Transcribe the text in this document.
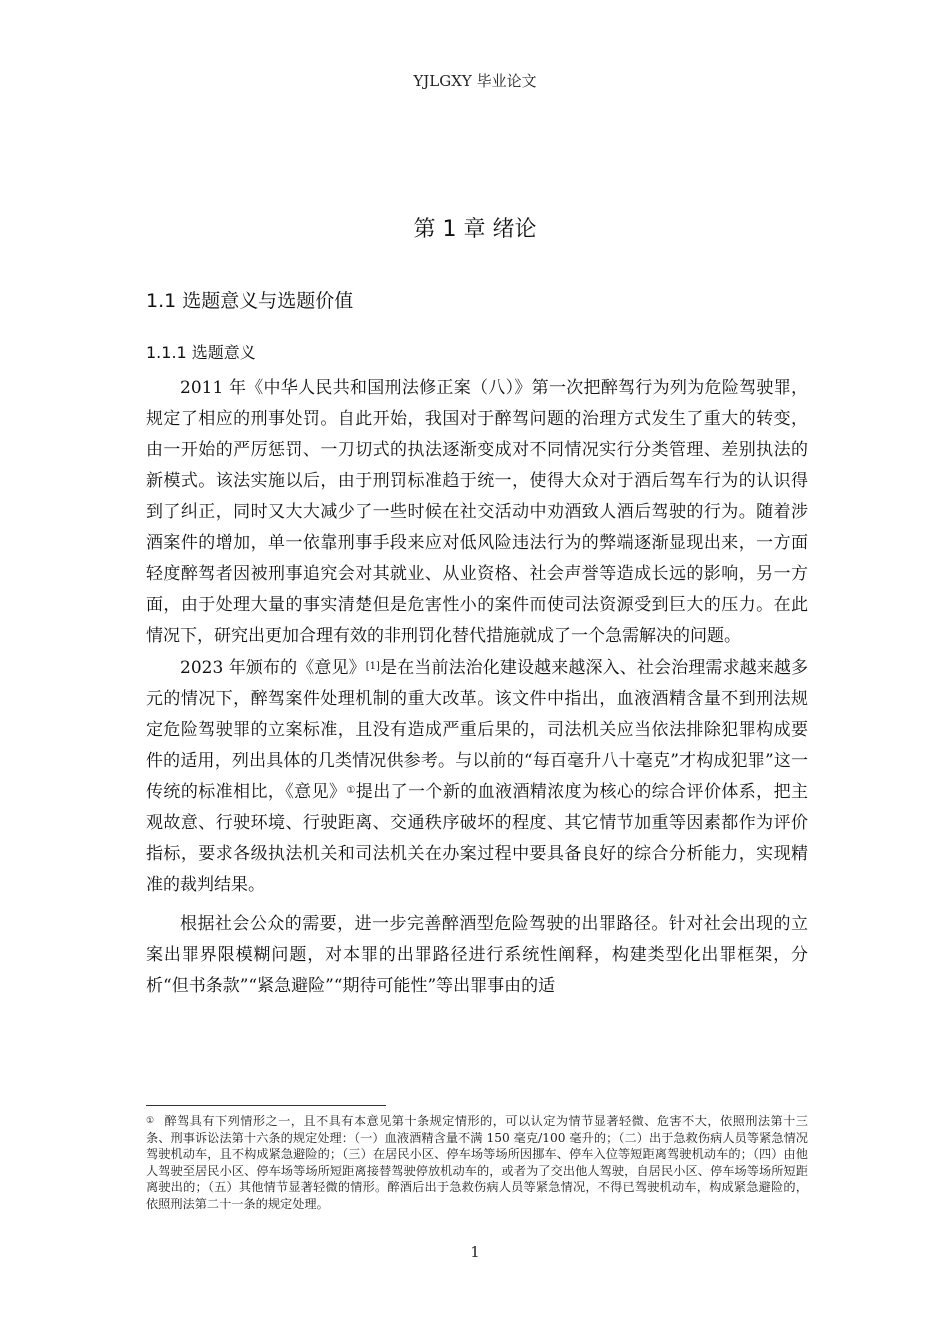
YJLGXY 毕业论文
第 1 章 绪论
1.1 选题意义与选题价值
1.1.1 选题意义

2011 年《中华人民共和国刑法修正案（八）》第一次把醉驾行为列为危险驾驶罪，规定了相应的刑事处罚。自此开始，我国对于醉驾问题的治理方式发生了重大的转变，由一开始的严厉惩罚、一刀切式的执法逐渐变成对不同情况实行分类管理、差别执法的新模式。该法实施以后，由于刑罚标准趋于统一，使得大众对于酒后驾车行为的认识得到了纠正，同时又大大减少了一些时候在社交活动中劝酒致人酒后驾驶的行为。随着涉酒案件的增加，单一依靠刑事手段来应对低风险违法行为的弊端逐渐显现出来，一方面轻度醉驾者因被刑事追究会对其就业、从业资格、社会声誉等造成长远的影响，另一方面，由于处理大量的事实清楚但是危害性小的案件而使司法资源受到巨大的压力。在此情况下，研究出更加合理有效的非刑罚化替代措施就成了一个急需解决的问题。

2023 年颁布的《意见》[1]是在当前法治化建设越来越深入、社会治理需求越来越多元的情况下，醉驾案件处理机制的重大改革。该文件中指出，血液酒精含量不到刑法规定危险驾驶罪的立案标准，且没有造成严重后果的，司法机关应当依法排除犯罪构成要件的适用，列出具体的几类情况供参考。与以前的“每百毫升八十毫克”才构成犯罪”这一传统的标准相比，《意见》①提出了一个新的血液酒精浓度为核心的综合评价体系，把主观故意、行驶环境、行驶距离、交通秩序破坏的程度、其它情节加重等因素都作为评价指标，要求各级执法机关和司法机关在办案过程中要具备良好的综合分析能力，实现精准的裁判结果。

根据社会公众的需要，进一步完善醉酒型危险驾驶的出罪路径。针对社会出现的立案出罪界限模糊问题，对本罪的出罪路径进行系统性阐释，构建类型化出罪框架，分析“但书条款”“紧急避险”“期待可能性”等出罪事由的适

① 醉驾具有下列情形之一，且不具有本意见第十条规定情形的，可以认定为情节显著轻微、危害不大，依照刑法第十三条、刑事诉讼法第十六条的规定处理：（一）血液酒精含量不满 150 毫克/100 毫升的；（二）出于急救伤病人员等紧急情况驾驶机动车，且不构成紧急避险的；（三）在居民小区、停车场等场所因挪车、停车入位等短距离驾驶机动车的；（四）由他人驾驶至居民小区、停车场等场所短距离接替驾驶停放机动车的，或者为了交出他人驾驶，自居民小区、停车场等场所短距离驶出的；（五）其他情节显著轻微的情形。醉酒后出于急救伤病人员等紧急情况，不得已驾驶机动车，构成紧急避险的，依照刑法第二十一条的规定处理。
1
